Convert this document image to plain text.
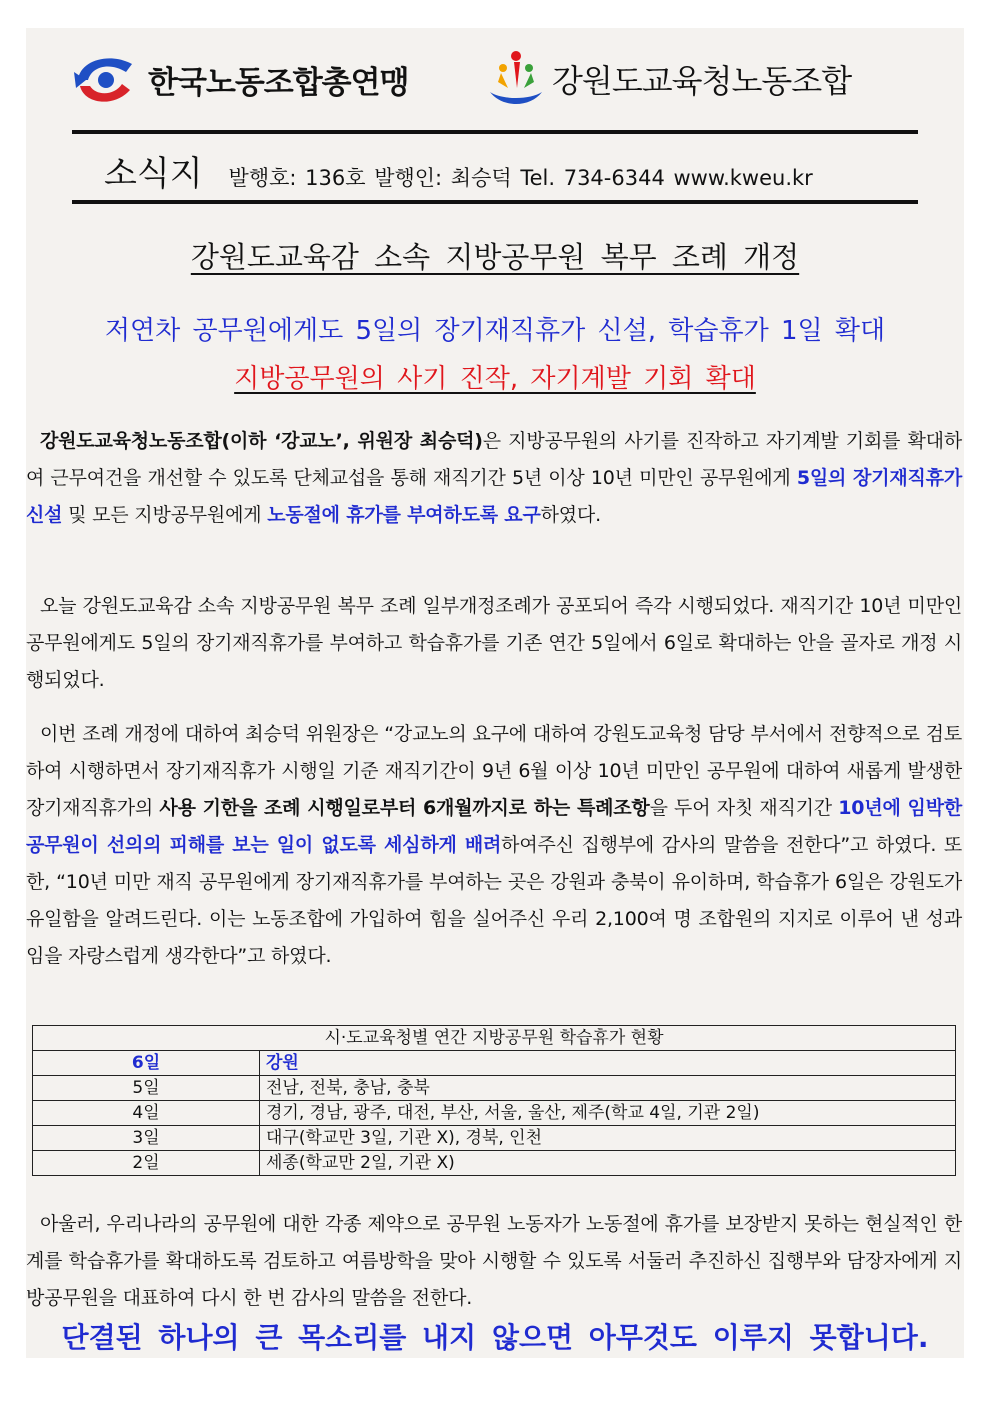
한국노동조합총연맹	강원도교육청노동조합
소식지 발행호: 136호 발행인: 최승덕 Tel. 734-6344 www.kweu.kr
강원도교육감 소속 지방공무원 복무 조례 개정
저연차 공무원에게도 5일의 장기재직휴가 신설, 학습휴가 1일 확대
지방공무원의 사기 진작, 자기계발 기회 확대

강원도교육청노동조합(이하 ‘강교노’, 위원장 최승덕)은 지방공무원의 사기를 진작하고 자기계발 기회를 확대하여 근무여건을 개선할 수 있도록 단체교섭을 통해 재직기간 5년 이상 10년 미만인 공무원에게 5일의 장기재직휴가 신설 및 모든 지방공무원에게 노동절에 휴가를 부여하도록 요구하였다.

오늘 강원도교육감 소속 지방공무원 복무 조례 일부개정조례가 공포되어 즉각 시행되었다. 재직기간 10년 미만인 공무원에게도 5일의 장기재직휴가를 부여하고 학습휴가를 기존 연간 5일에서 6일로 확대하는 안을 골자로 개정 시행되었다.

이번 조례 개정에 대하여 최승덕 위원장은 “강교노의 요구에 대하여 강원도교육청 담당 부서에서 전향적으로 검토하여 시행하면서 장기재직휴가 시행일 기준 재직기간이 9년 6월 이상 10년 미만인 공무원에 대하여 새롭게 발생한 장기재직휴가의 사용 기한을 조례 시행일로부터 6개월까지로 하는 특례조항을 두어 자칫 재직기간 10년에 임박한 공무원이 선의의 피해를 보는 일이 없도록 세심하게 배려하여주신 집행부에 감사의 말씀을 전한다”고 하였다. 또한, “10년 미만 재직 공무원에게 장기재직휴가를 부여하는 곳은 강원과 충북이 유이하며, 학습휴가 6일은 강원도가 유일함을 알려드린다. 이는 노동조합에 가입하여 힘을 실어주신 우리 2,100여 명 조합원의 지지로 이루어 낸 성과임을 자랑스럽게 생각한다”고 하였다.

시·도교육청별 연간 지방공무원 학습휴가 현황	
6일	강원
5일	전남, 전북, 충남, 충북
4일	경기, 경남, 광주, 대전, 부산, 서울, 울산, 제주(학교 4일, 기관 2일)
3일	대구(학교만 3일, 기관 X), 경북, 인천
2일	세종(학교만 2일, 기관 X)

아울러, 우리나라의 공무원에 대한 각종 제약으로 공무원 노동자가 노동절에 휴가를 보장받지 못하는 현실적인 한계를 학습휴가를 확대하도록 검토하고 여름방학을 맞아 시행할 수 있도록 서둘러 추진하신 집행부와 담장자에게 지방공무원을 대표하여 다시 한 번 감사의 말씀을 전한다.

단결된 하나의 큰 목소리를 내지 않으면 아무것도 이루지 못합니다.
